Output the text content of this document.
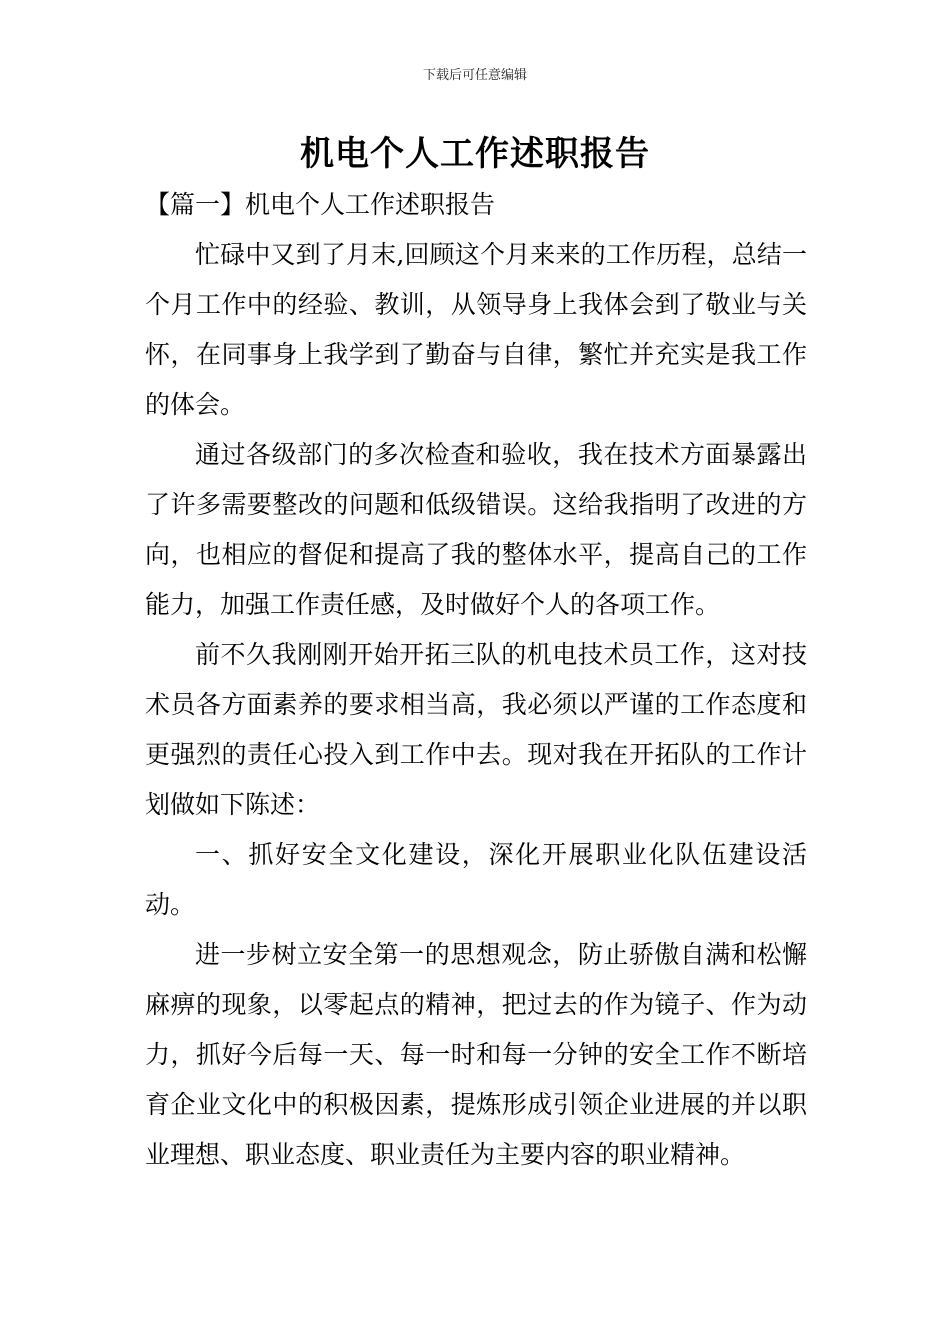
下载后可任意编辑
机电个人工作述职报告

【篇一】机电个人工作述职报告

忙碌中又到了月末,回顾这个月来来的工作历程，总结一个月工作中的经验、教训，从领导身上我体会到了敬业与关怀，在同事身上我学到了勤奋与自律，繁忙并充实是我工作的体会。

通过各级部门的多次检查和验收，我在技术方面暴露出了许多需要整改的问题和低级错误。这给我指明了改进的方向，也相应的督促和提高了我的整体水平，提高自己的工作能力，加强工作责任感，及时做好个人的各项工作。

前不久我刚刚开始开拓三队的机电技术员工作，这对技术员各方面素养的要求相当高，我必须以严谨的工作态度和更强烈的责任心投入到工作中去。现对我在开拓队的工作计划做如下陈述：

一、抓好安全文化建设，深化开展职业化队伍建设活动。

进一步树立安全第一的思想观念，防止骄傲自满和松懈麻痹的现象，以零起点的精神，把过去的作为镜子、作为动力，抓好今后每一天、每一时和每一分钟的安全工作不断培育企业文化中的积极因素，提炼形成引领企业进展的并以职业理想、职业态度、职业责任为主要内容的职业精神。
